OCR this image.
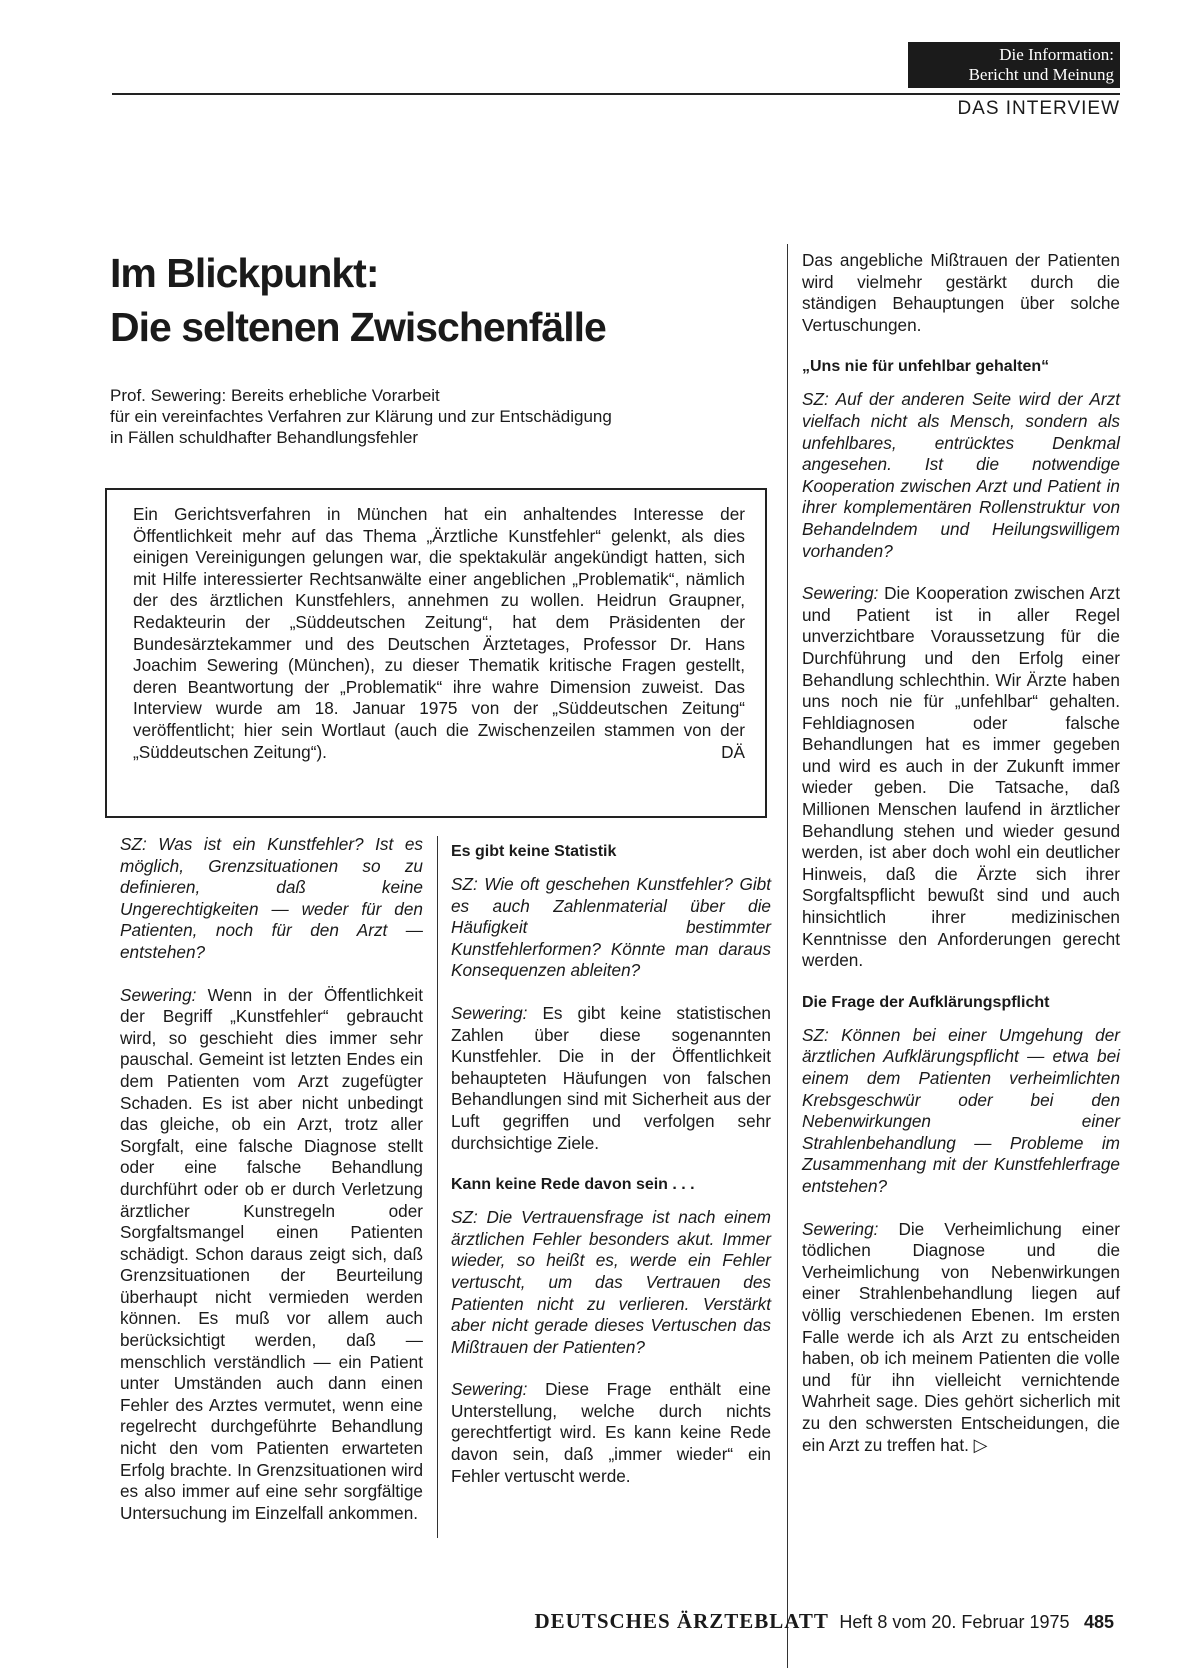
Die Information:
Bericht und Meinung
DAS INTERVIEW
Im Blickpunkt:
Die seltenen Zwischenfälle
Prof. Sewering: Bereits erhebliche Vorarbeit
für ein vereinfachtes Verfahren zur Klärung und zur Entschädigung
in Fällen schuldhafter Behandlungsfehler

Ein Gerichtsverfahren in München hat ein anhaltendes Interesse der Öffentlichkeit mehr auf das Thema „Ärztliche Kunstfehler“ gelenkt, als dies einigen Vereinigungen gelungen war, die spektakulär angekündigt hatten, sich mit Hilfe interessierter Rechtsanwälte einer angeblichen „Problematik“, nämlich der des ärztlichen Kunstfehlers, annehmen zu wollen. Heidrun Graupner, Redakteurin der „Süddeutschen Zeitung“, hat dem Präsidenten der Bundesärztekammer und des Deutschen Ärztetages, Professor Dr. Hans Joachim Sewering (München), zu dieser Thematik kritische Fragen gestellt, deren Beantwortung der „Problematik“ ihre wahre Dimension zuweist. Das Interview wurde am 18. Januar 1975 von der „Süddeutschen Zeitung“ veröffentlicht; hier sein Wortlaut (auch die Zwischenzeilen stammen von der „Süddeutschen Zeitung“).	DÄ

SZ: Was ist ein Kunstfehler? Ist es möglich, Grenzsituationen so zu definieren, daß keine Ungerechtigkeiten — weder für den Patienten, noch für den Arzt — entstehen?

Sewering: Wenn in der Öffentlichkeit der Begriff „Kunstfehler“ gebraucht wird, so geschieht dies immer sehr pauschal. Gemeint ist letzten Endes ein dem Patienten vom Arzt zugefügter Schaden. Es ist aber nicht unbedingt das gleiche, ob ein Arzt, trotz aller Sorgfalt, eine falsche Diagnose stellt oder eine falsche Behandlung durchführt oder ob er durch Verletzung ärztlicher Kunstregeln oder Sorgfaltsmangel einen Patienten schädigt. Schon daraus zeigt sich, daß Grenzsituationen der Beurteilung überhaupt nicht vermieden werden können. Es muß vor allem auch berücksichtigt werden, daß — menschlich verständlich — ein Patient unter Umständen auch dann einen Fehler des Arztes vermutet, wenn eine regelrecht durchgeführte Behandlung nicht den vom Patienten erwarteten Erfolg brachte. In Grenzsituationen wird es also immer auf eine sehr sorgfältige Untersuchung im Einzelfall ankommen.

Es gibt keine Statistik

SZ: Wie oft geschehen Kunstfehler? Gibt es auch Zahlenmaterial über die Häufigkeit bestimmter Kunstfehlerformen? Könnte man daraus Konsequenzen ableiten?

Sewering: Es gibt keine statistischen Zahlen über diese sogenannten Kunstfehler. Die in der Öffentlichkeit behaupteten Häufungen von falschen Behandlungen sind mit Sicherheit aus der Luft gegriffen und verfolgen sehr durchsichtige Ziele.

Kann keine Rede davon sein . . .

SZ: Die Vertrauensfrage ist nach einem ärztlichen Fehler besonders akut. Immer wieder, so heißt es, werde ein Fehler vertuscht, um das Vertrauen des Patienten nicht zu verlieren. Verstärkt aber nicht gerade dieses Vertuschen das Mißtrauen der Patienten?

Sewering: Diese Frage enthält eine Unterstellung, welche durch nichts gerechtfertigt wird. Es kann keine Rede davon sein, daß „immer wieder“ ein Fehler vertuscht werde.

Das angebliche Mißtrauen der Patienten wird vielmehr gestärkt durch die ständigen Behauptungen über solche Vertuschungen.

„Uns nie für unfehlbar gehalten“

SZ: Auf der anderen Seite wird der Arzt vielfach nicht als Mensch, sondern als unfehlbares, entrücktes Denkmal angesehen. Ist die notwendige Kooperation zwischen Arzt und Patient in ihrer komplementären Rollenstruktur von Behandelndem und Heilungswilligem vorhanden?

Sewering: Die Kooperation zwischen Arzt und Patient ist in aller Regel unverzichtbare Voraussetzung für die Durchführung und den Erfolg einer Behandlung schlechthin. Wir Ärzte haben uns noch nie für „unfehlbar“ gehalten. Fehldiagnosen oder falsche Behandlungen hat es immer gegeben und wird es auch in der Zukunft immer wieder geben. Die Tatsache, daß Millionen Menschen laufend in ärztlicher Behandlung stehen und wieder gesund werden, ist aber doch wohl ein deutlicher Hinweis, daß die Ärzte sich ihrer Sorgfaltspflicht bewußt sind und auch hinsichtlich ihrer medizinischen Kenntnisse den Anforderungen gerecht werden.

Die Frage der Aufklärungspflicht

SZ: Können bei einer Umgehung der ärztlichen Aufklärungspflicht — etwa bei einem dem Patienten verheimlichten Krebsgeschwür oder bei den Nebenwirkungen einer Strahlenbehandlung — Probleme im Zusammenhang mit der Kunstfehlerfrage entstehen?

Sewering: Die Verheimlichung einer tödlichen Diagnose und die Verheimlichung von Nebenwirkungen einer Strahlenbehandlung liegen auf völlig verschiedenen Ebenen. Im ersten Falle werde ich als Arzt zu entscheiden haben, ob ich meinem Patienten die volle und für ihn vielleicht vernichtende Wahrheit sage. Dies gehört sicherlich mit zu den schwersten Entscheidungen, die ein Arzt zu treffen hat. ▷

DEUTSCHES ÄRZTEBLATT Heft 8 vom 20. Februar 1975 485
